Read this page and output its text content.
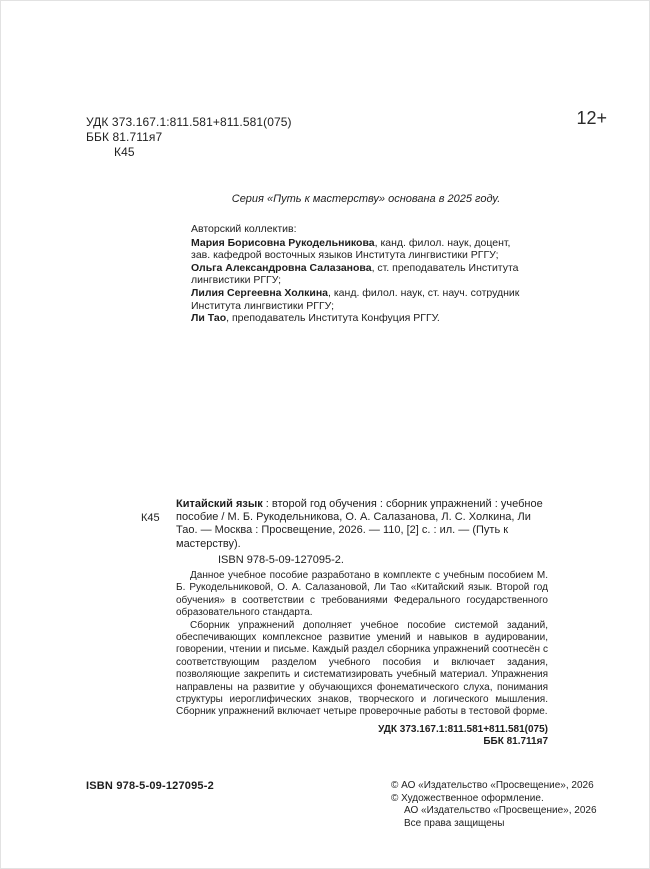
УДК 373.167.1:811.581+811.581(075)
ББК 81.711я7
К45
12+
Серия «Путь к мастерству» основана в 2025 году.
Авторский коллектив:
Мария Борисовна Рукодельникова, канд. филол. наук, доцент, зав. кафедрой восточных языков Института лингвистики РГГУ;
Ольга Александровна Салазанова, ст. преподаватель Института лингвистики РГГУ;
Лилия Сергеевна Холкина, канд. филол. наук, ст. науч. сотрудник Института лингвистики РГГУ;
Ли Тао, преподаватель Института Конфуция РГГУ.
К45
Китайский язык : второй год обучения : сборник упражнений : учебное пособие / М. Б. Рукодельникова, О. А. Салазанова, Л. С. Холкина, Ли Тао. — Москва : Просвещение, 2026. — 110, [2] с. : ил. — (Путь к мастерству).
ISBN 978-5-09-127095-2.

Данное учебное пособие разработано в комплекте с учебным пособием М. Б. Рукодельниковой, О. А. Салазановой, Ли Тао «Китайский язык. Второй год обучения» в соответствии с требованиями Федерального государственного образовательного стандарта.

Сборник упражнений дополняет учебное пособие системой заданий, обеспечивающих комплексное развитие умений и навыков в аудировании, говорении, чтении и письме. Каждый раздел сборника упражнений соотнесён с соответствующим разделом учебного пособия и включает задания, позволяющие закрепить и систематизировать учебный материал. Упражнения направлены на развитие у обучающихся фонематического слуха, понимания структуры иероглифических знаков, творческого и логического мышления. Сборник упражнений включает четыре проверочные работы в тестовой форме.

УДК 373.167.1:811.581+811.581(075)
ББК 81.711я7
ISBN 978-5-09-127095-2	© АО «Издательство «Просвещение», 2026
© Художественное оформление.
АО «Издательство «Просвещение», 2026
Все права защищены
